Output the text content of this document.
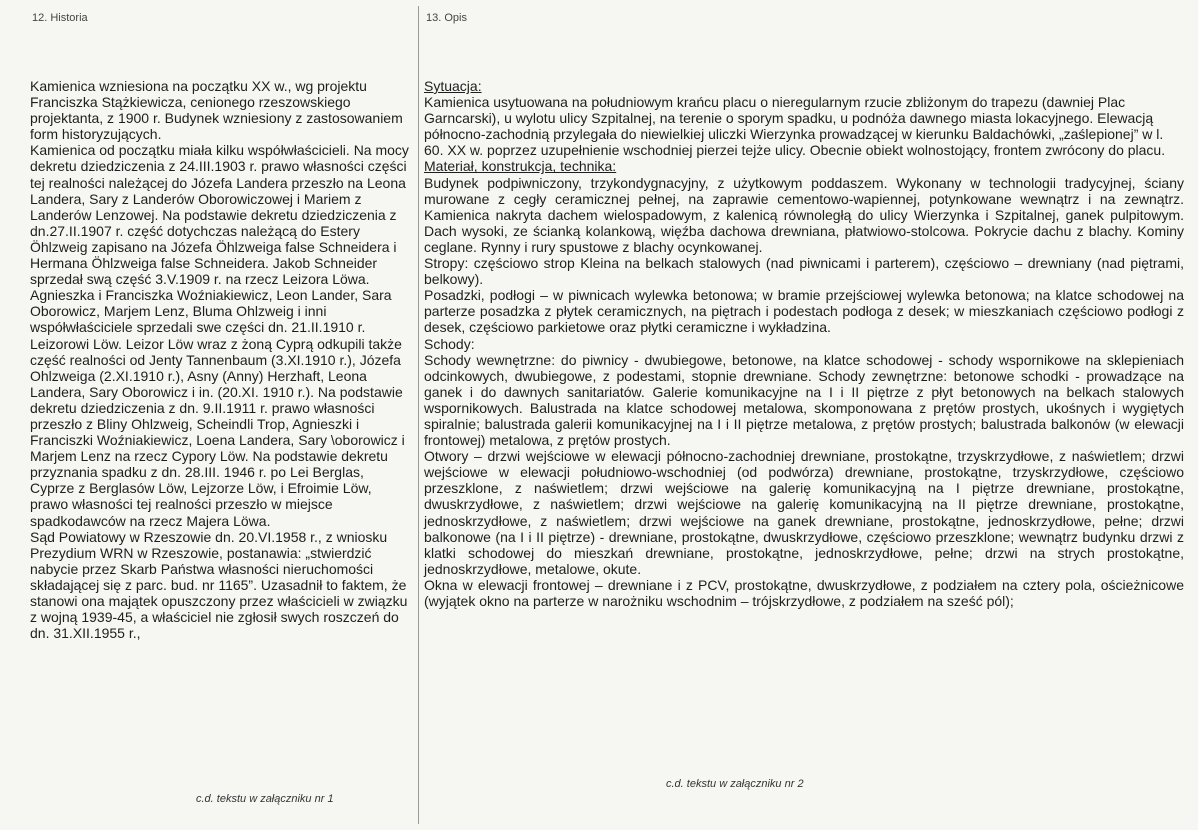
12. Historia

Kamienica wzniesiona na początku XX w., wg projektu Franciszka Stążkiewicza, cenionego rzeszowskiego projektanta, z 1900 r. Budynek wzniesiony z zastosowaniem form historyzujących.

Kamienica od początku miała kilku współwłaścicieli. Na mocy dekretu dziedziczenia z 24.III.1903 r. prawo własności części tej realności należącej do Józefa Landera przeszło na Leona Landera, Sary z Landerów Oborowiczowej i Mariem z Landerów Lenzowej. Na podstawie dekretu dziedziczenia z dn.27.II.1907 r. część dotychczas należącą do Estery Öhlzweig zapisano na Józefa Öhlzweiga false Schneidera i Hermana Öhlzweiga false Schneidera. Jakob Schneider sprzedał swą część 3.V.1909 r. na rzecz Leizora Löwa. Agnieszka i Franciszka Woźniakiewicz, Leon Lander, Sara Oborowicz, Marjem Lenz, Bluma Ohlzweig i inni współwłaściciele sprzedali swe części dn. 21.II.1910 r. Leizorowi Löw. Leizor Löw wraz z żoną Cyprą odkupili także część realności od Jenty Tannenbaum (3.XI.1910 r.), Józefa Ohlzweiga (2.XI.1910 r.), Asny (Anny) Herzhaft, Leona Landera, Sary Oborowicz i in. (20.XI. 1910 r.). Na podstawie dekretu dziedziczenia z dn. 9.II.1911 r. prawo własności przeszło z Bliny Ohlzweig, Scheindli Trop, Agnieszki i Franciszki Woźniakiewicz, Loena Landera, Sary \oborowicz i Marjem Lenz na rzecz Cypory Löw. Na podstawie dekretu przyznania spadku z dn. 28.III. 1946 r. po Lei Berglas, Cyprze z Berglasów Löw, Lejzorze Löw, i Efroimie Löw, prawo własności tej realności przeszło w miejsce spadkodawców na rzecz Majera Löwa.

Sąd Powiatowy w Rzeszowie dn. 20.VI.1958 r., z wniosku Prezydium WRN w Rzeszowie, postanawia: „stwierdzić nabycie przez Skarb Państwa własności nieruchomości składającej się z parc. bud. nr 1165”. Uzasadnił to faktem, że stanowi ona majątek opuszczony przez właścicieli w związku z wojną 1939-45, a właściciel nie zgłosił swych roszczeń do dn. 31.XII.1955 r.,

c.d. tekstu w załączniku nr 1
13. Opis

Sytuacja:

Kamienica usytuowana na południowym krańcu placu o nieregularnym rzucie zbliżonym do trapezu (dawniej Plac Garncarski), u wylotu ulicy Szpitalnej, na terenie o sporym spadku, u podnóża dawnego miasta lokacyjnego. Elewacją północno-zachodnią przylegała do niewielkiej uliczki Wierzynka prowadzącej w kierunku Baldachówki, „zaślepionej” w l. 60. XX w. poprzez uzupełnienie wschodniej pierzei tejże ulicy. Obecnie obiekt wolnostojący, frontem zwrócony do placu.

Materiał, konstrukcja, technika:

Budynek podpiwniczony, trzykondygnacyjny, z użytkowym poddaszem. Wykonany w technologii tradycyjnej, ściany murowane z cegły ceramicznej pełnej, na zaprawie cementowo-wapiennej, potynkowane wewnątrz i na zewnątrz. Kamienica nakryta dachem wielospadowym, z kalenicą równoległą do ulicy Wierzynka i Szpitalnej, ganek pulpitowym. Dach wysoki, ze ścianką kolankową, więźba dachowa drewniana, płatwiowo-stolcowa. Pokrycie dachu z blachy. Kominy ceglane. Rynny i rury spustowe z blachy ocynkowanej.

Stropy: częściowo strop Kleina na belkach stalowych (nad piwnicami i parterem), częściowo – drewniany (nad piętrami, belkowy).

Posadzki, podłogi – w piwnicach wylewka betonowa; w bramie przejściowej wylewka betonowa; na klatce schodowej na parterze posadzka z płytek ceramicznych, na piętrach i podestach podłoga z desek; w mieszkaniach częściowo podłogi z desek, częściowo parkietowe oraz płytki ceramiczne i wykładzina.

Schody:

Schody wewnętrzne: do piwnicy - dwubiegowe, betonowe, na klatce schodowej - schody wspornikowe na sklepieniach odcinkowych, dwubiegowe, z podestami, stopnie drewniane. Schody zewnętrzne: betonowe schodki - prowadzące na ganek i do dawnych sanitariatów. Galerie komunikacyjne na I i II piętrze z płyt betonowych na belkach stalowych wspornikowych. Balustrada na klatce schodowej metalowa, skomponowana z prętów prostych, ukośnych i wygiętych spiralnie; balustrada galerii komunikacyjnej na I i II piętrze metalowa, z prętów prostych; balustrada balkonów (w elewacji frontowej) metalowa, z prętów prostych.

Otwory – drzwi wejściowe w elewacji północno-zachodniej drewniane, prostokątne, trzyskrzydłowe, z naświetlem; drzwi wejściowe w elewacji południowo-wschodniej (od podwórza) drewniane, prostokątne, trzyskrzydłowe, częściowo przeszklone, z naświetlem; drzwi wejściowe na galerię komunikacyjną na I piętrze drewniane, prostokątne, dwuskrzydłowe, z naświetlem; drzwi wejściowe na galerię komunikacyjną na II piętrze drewniane, prostokątne, jednoskrzydłowe, z naświetlem; drzwi wejściowe na ganek drewniane, prostokątne, jednoskrzydłowe, pełne; drzwi balkonowe (na I i II piętrze) - drewniane, prostokątne, dwuskrzydłowe, częściowo przeszklone; wewnątrz budynku drzwi z klatki schodowej do mieszkań drewniane, prostokątne, jednoskrzydłowe, pełne; drzwi na strych prostokątne, jednoskrzydłowe, metalowe, okute.

Okna w elewacji frontowej – drewniane i z PCV, prostokątne, dwuskrzydłowe, z podziałem na cztery pola, ościeżnicowe (wyjątek okno na parterze w narożniku wschodnim – trójskrzydłowe, z podziałem na sześć pól);

c.d. tekstu w załączniku nr 2
